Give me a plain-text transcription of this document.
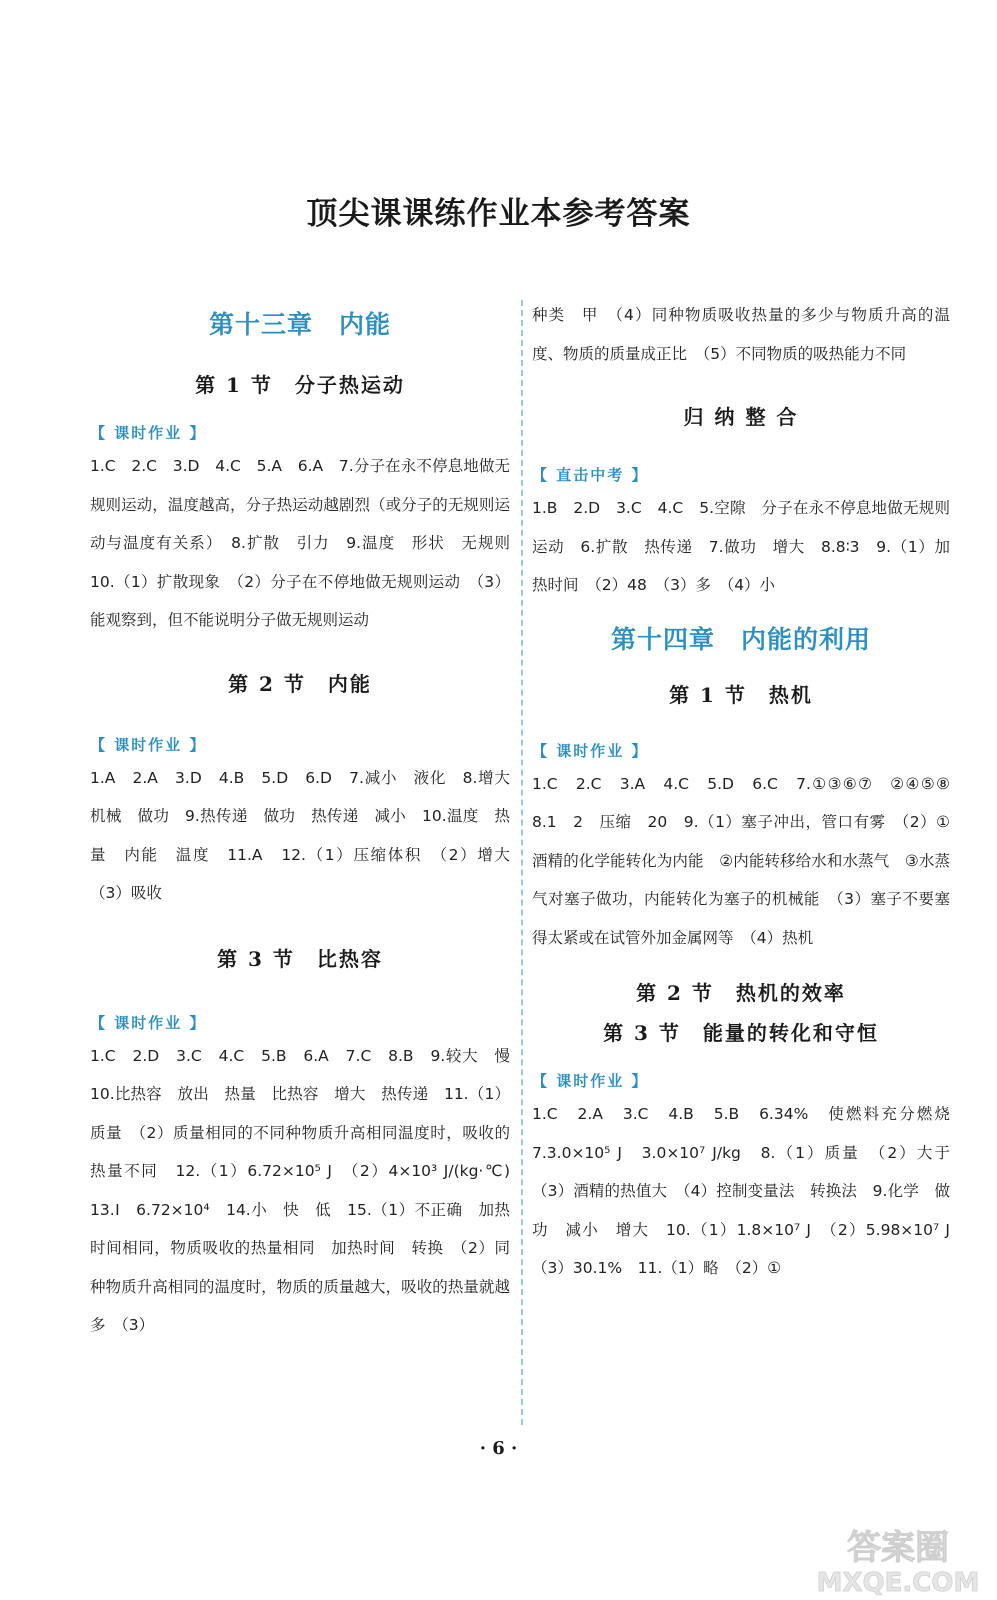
顶尖课课练作业本参考答案
第十三章　内能
第 1 节　分子热运动
【 课时作业 】

1.C　2.C　3.D　4.C　5.A　6.A　7.分子在永不停息地做无规则运动，温度越高，分子热运动越剧烈（或分子的无规则运动与温度有关系）　8.扩散　引力　9.温度　形状　无规则　10.（1）扩散现象　（2）分子在不停地做无规则运动　（3）能观察到，但不能说明分子做无规则运动

第 2 节　内能
【 课时作业 】

1.A　2.A　3.D　4.B　5.D　6.D　7.减小　液化　8.增大　机械　做功　9.热传递　做功　热传递　减小　10.温度　热量　内能　温度　11.A　12.（1）压缩体积　（2）增大　（3）吸收

第 3 节　比热容
【 课时作业 】

1.C　2.D　3.C　4.C　5.B　6.A　7.C　8.B　9.较大　慢　10.比热容　放出　热量　比热容　增大　热传递　11.（1）质量　（2）质量相同的不同种物质升高相同温度时，吸收的热量不同　12.（1）6.72×10⁵ J　（2）4×10³ J/(kg·℃)　13.Ⅰ　6.72×10⁴　14.小　快　低　15.（1）不正确　加热时间相同，物质吸收的热量相同　加热时间　转换　（2）同种物质升高相同的温度时，物质的质量越大，吸收的热量就越多　（3）

种类　甲　（4）同种物质吸收热量的多少与物质升高的温度、物质的质量成正比　（5）不同物质的吸热能力不同

归 纳 整 合
【 直击中考 】

1.B　2.D　3.C　4.C　5.空隙　分子在永不停息地做无规则运动　6.扩散　热传递　7.做功　增大　8.8∶3　9.（1）加热时间　（2）48　（3）多　（4）小

第十四章　内能的利用
第 1 节　热机
【 课时作业 】

1.C　2.C　3.A　4.C　5.D　6.C　7.①③⑥⑦　②④⑤⑧　8.1　2　压缩　20　9.（1）塞子冲出，管口有雾　（2）①酒精的化学能转化为内能　②内能转移给水和水蒸气　③水蒸气对塞子做功，内能转化为塞子的机械能　（3）塞子不要塞得太紧或在试管外加金属网等　（4）热机

第 2 节　热机的效率
第 3 节　能量的转化和守恒
【 课时作业 】

1.C　2.A　3.C　4.B　5.B　6.34%　使燃料充分燃烧　7.3.0×10⁵ J　3.0×10⁷ J/kg　8.（1）质量　（2）大于　（3）酒精的热值大　（4）控制变量法　转换法　9.化学　做功　减小　增大　10.（1）1.8×10⁷ J　（2）5.98×10⁷ J　（3）30.1%　11.（1）略　（2）①

· 6 ·
答案圈
MXQE.COM
